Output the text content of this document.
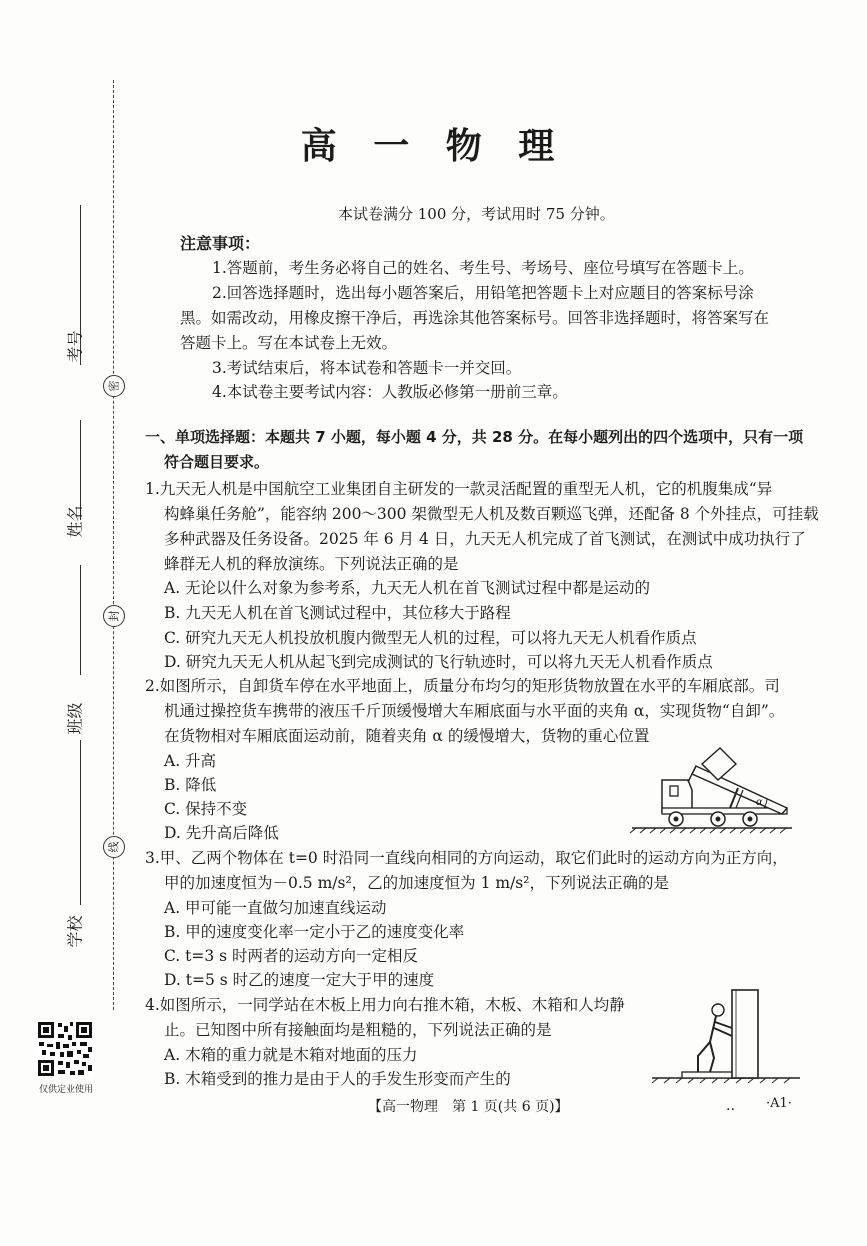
密
封
线
考号
姓名
班级
学校
仅供定业使用
高 一 物 理
本试卷满分 100 分，考试用时 75 分钟。
注意事项：
1.答题前，考生务必将自己的姓名、考生号、考场号、座位号填写在答题卡上。
2.回答选择题时，选出每小题答案后，用铅笔把答题卡上对应题目的答案标号涂
黑。如需改动，用橡皮擦干净后，再选涂其他答案标号。回答非选择题时，将答案写在
答题卡上。写在本试卷上无效。
3.考试结束后，将本试卷和答题卡一并交回。
4.本试卷主要考试内容：人教版必修第一册前三章。
一、单项选择题：本题共 7 小题，每小题 4 分，共 28 分。在每小题列出的四个选项中，只有一项
符合题目要求。
1.九天无人机是中国航空工业集团自主研发的一款灵活配置的重型无人机，它的机腹集成“异
构蜂巢任务舱”，能容纳 200～300 架微型无人机及数百颗巡飞弹，还配备 8 个外挂点，可挂载
多种武器及任务设备。2025 年 6 月 4 日，九天无人机完成了首飞测试，在测试中成功执行了
蜂群无人机的释放演练。下列说法正确的是
A. 无论以什么对象为参考系，九天无人机在首飞测试过程中都是运动的
B. 九天无人机在首飞测试过程中，其位移大于路程
C. 研究九天无人机投放机腹内微型无人机的过程，可以将九天无人机看作质点
D. 研究九天无人机从起飞到完成测试的飞行轨迹时，可以将九天无人机看作质点
2.如图所示，自卸货车停在水平地面上，质量分布均匀的矩形货物放置在水平的车厢底部。司
机通过操控货车携带的液压千斤顶缓慢增大车厢底面与水平面的夹角 α，实现货物“自卸”。
在货物相对车厢底面运动前，随着夹角 α 的缓慢增大，货物的重心位置
A. 升高
B. 降低
C. 保持不变
D. 先升高后降低
α
3.甲、乙两个物体在 t=0 时沿同一直线向相同的方向运动，取它们此时的运动方向为正方向，
甲的加速度恒为－0.5 m/s²，乙的加速度恒为 1 m/s²，下列说法正确的是
A. 甲可能一直做匀加速直线运动
B. 甲的速度变化率一定小于乙的速度变化率
C. t=3 s 时两者的运动方向一定相反
D. t=5 s 时乙的速度一定大于甲的速度
4.如图所示，一同学站在木板上用力向右推木箱，木板、木箱和人均静
止。已知图中所有接触面均是粗糙的，下列说法正确的是
A. 木箱的重力就是木箱对地面的压力
B. 木箱受到的推力是由于人的手发生形变而产生的
【高一物理　第 1 页(共 6 页)】	.. ·A1·
